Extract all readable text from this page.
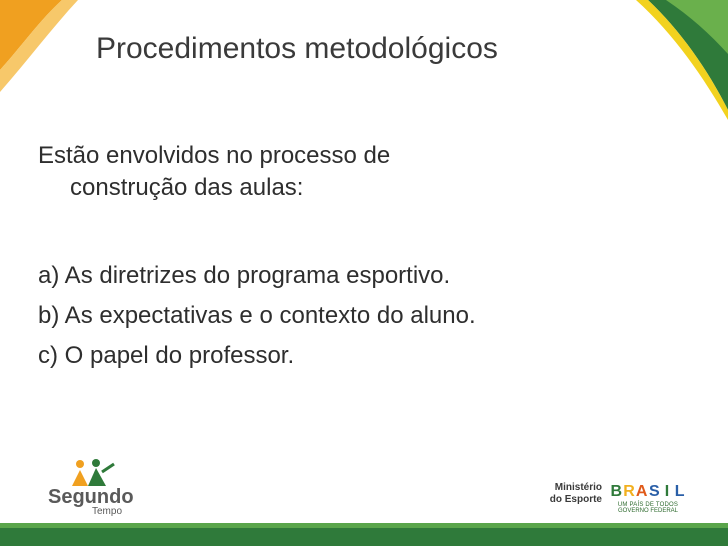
Procedimentos metodológicos

Estão envolvidos no processo de
construção das aulas:

a) As diretrizes do programa esportivo.
b) As expectativas e o contexto do aluno.
c) O papel do professor.
Segundo
Tempo
Ministério
do Esporte B R A S I L
UM PAÍS DE TODOS
GOVERNO FEDERAL
